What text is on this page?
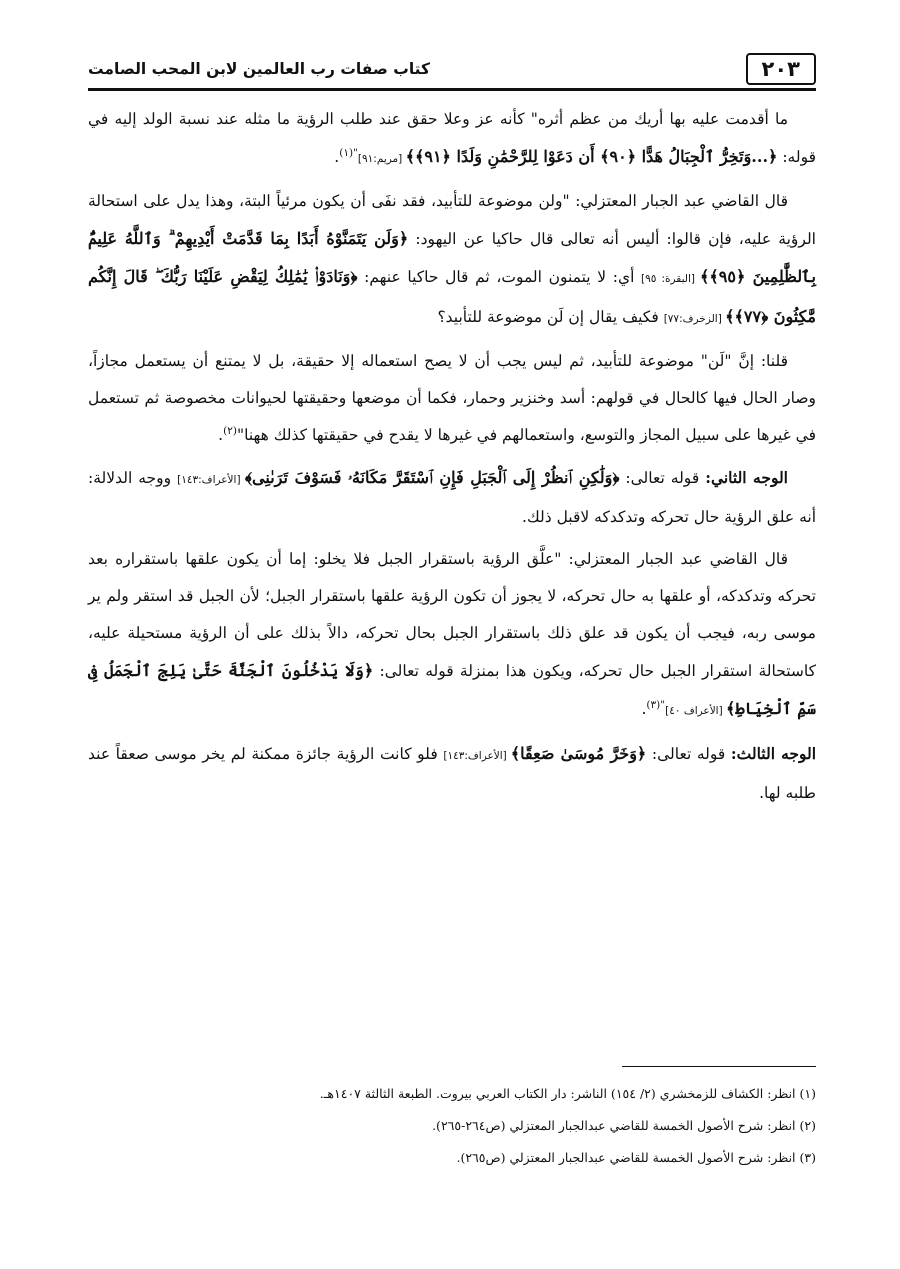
٢٠٣
كتاب صفات رب العالمين لابن المحب الصامت

ما أقدمت عليه بها أريك من عظم أثره" كأنه عز وعلا حقق عند طلب الرؤية ما مثله عند نسبة الولد إليه في قوله: ﴿...وَتَخِرُّ ٱلْجِبَالُ هَدًّا ﴿٩٠﴾ أَن دَعَوْا لِلرَّحْمَٰنِ وَلَدًا ﴿٩١﴾﴾ [مريم:٩١]$^{"(١)}$.

قال القاضي عبد الجبار المعتزلي: "ولن موضوعة للتأبيد، فقد نفَى أن يكون مرئياً البتة، وهذا يدل على استحالة الرؤية عليه، فإن قالوا: أليس أنه تعالى قال حاكيا عن اليهود: ﴿وَلَن يَتَمَنَّوْهُ أَبَدًا بِمَا قَدَّمَتْ أَيْدِيهِمْ ۗ وَٱللَّهُ عَلِيمٌۢ بِٱلظَّٰلِمِينَ ﴿٩٥﴾﴾ [البقرة: ٩٥] أي: لا يتمنون الموت، ثم قال حاكيا عنهم: ﴿وَنَادَوْا۟ يَٰمَٰلِكُ لِيَقْضِ عَلَيْنَا رَبُّكَ ۖ قَالَ إِنَّكُم مَّٰكِثُونَ ﴿٧٧﴾﴾ [الزخرف:٧٧] فكيف يقال إن لَن موضوعة للتأبيد؟

قلنا: إنَّ "لَن" موضوعة للتأبيد، ثم ليس يجب أن لا يصح استعماله إلا حقيقة، بل لا يمتنع أن يستعمل مجازاً، وصار الحال فيها كالحال في قولهم: أسد وخنزير وحمار، فكما أن موضعها وحقيقتها لحيوانات مخصوصة ثم تستعمل في غيرها على سبيل المجاز والتوسع، واستعمالهم في غيرها لا يقدح في حقيقتها كذلك ههنا"$^{(٢)}$.

الوجه الثاني: قوله تعالى: ﴿وَلَٰكِنِ ٱنظُرْ إِلَى ٱلْجَبَلِ فَإِنِ ٱسْتَقَرَّ مَكَانَهُۥ فَسَوْفَ تَرَىٰنِى﴾ [الأعراف:١٤٣] ووجه الدلالة: أنه علق الرؤية حال تحركه وتدكدكه لاقبل ذلك.

قال القاضي عبد الجبار المعتزلي: "علَّق الرؤية باستقرار الجبل فلا يخلو: إما أن يكون علقها باستقراره بعد تحركه وتدكدكه، أو علقها به حال تحركه، لا يجوز أن تكون الرؤية علقها باستقرار الجبل؛ لأن الجبل قد استقر ولم ير موسى ربه، فيجب أن يكون قد علق ذلك باستقرار الجبل بحال تحركه، دالاً بذلك على أن الرؤية مستحيلة عليه، كاستحالة استقرار الجبل حال تحركه، ويكون هذا بمنزلة قوله تعالى: ﴿وَلَا يَدْخُلُونَ ٱلْجَنَّةَ حَتَّىٰ يَلِجَ ٱلْجَمَلُ فِى سَمِّ ٱلْخِيَاطِ﴾ [الأعراف ٤٠]$^{"(٣)}$.

الوجه الثالث: قوله تعالى: ﴿وَخَرَّ مُوسَىٰ صَعِقًا﴾ [الأعراف:١٤٣] فلو كانت الرؤية جائزة ممكنة لم يخر موسى صعقاً عند طلبه لها.

(١) انظر: الكشاف للزمخشري (٢/ ١٥٤) الناشر: دار الكتاب العربي بيروت. الطبعة الثالثة ١٤٠٧هـ.

(٢) انظر: شرح الأصول الخمسة للقاضي عبدالجبار المعتزلي (ص٢٦٤-٢٦٥).

(٣) انظر: شرح الأصول الخمسة للقاضي عبدالجبار المعتزلي (ص٢٦٥).
